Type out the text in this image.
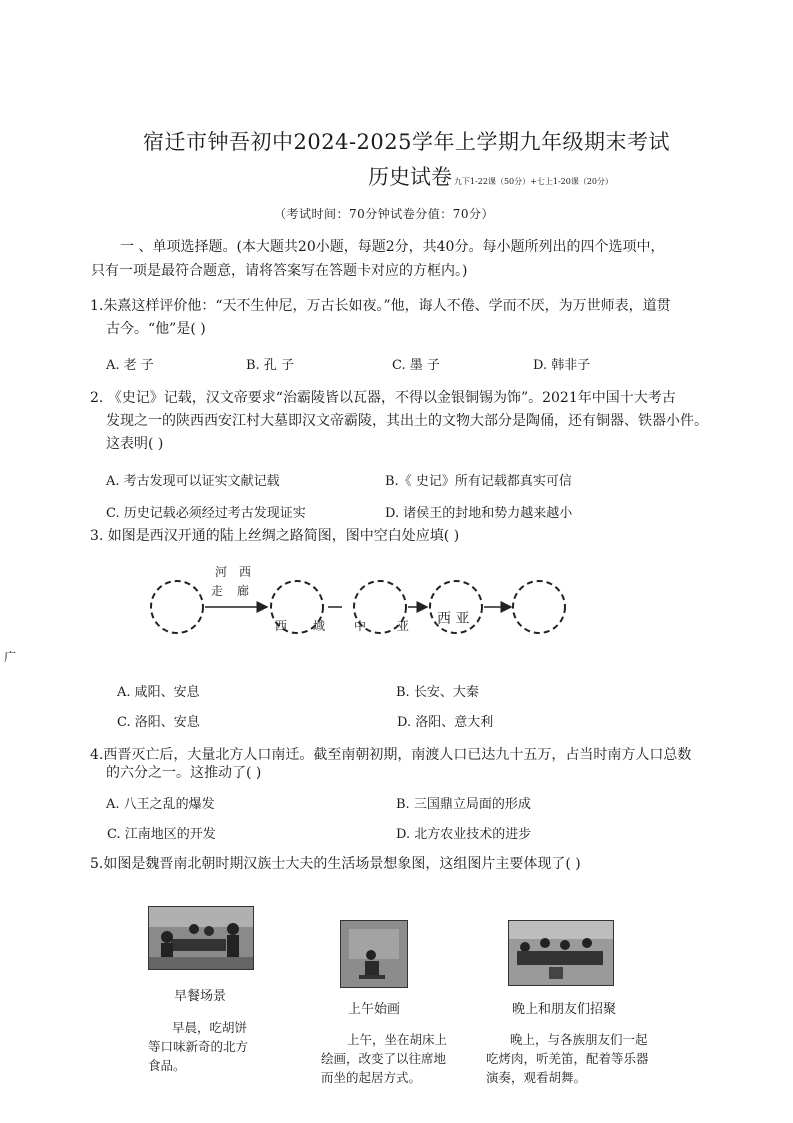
宿迁市钟吾初中2024-2025学年上学期九年级期末考试
历史试卷 九下1-22课（50分）+七上1-20课（20分）
（考试时间：70分钟试卷分值：70分）
一 、单项选择题。(本大题共20小题，每题2分，共40分。每小题所列出的四个选项中，
只有一项是最符合题意，请将答案写在答题卡对应的方框内。)
1.朱熹这样评价他：“天不生仲尼，万古长如夜。”他，诲人不倦、学而不厌，为万世师表，道贯
古今。“他”是( )
A. 老 子	B. 孔 子	C. 墨 子	D. 韩非子
2. 《史记》记载，汉文帝要求“治霸陵皆以瓦器，不得以金银铜锡为饰”。2021年中国十大考古
发现之一的陕西西安江村大墓即汉文帝霸陵，其出土的文物大部分是陶俑，还有铜器、铁器小件。
这表明( )
A. 考古发现可以证实文献记载	B.《 史记》所有记载都真实可信
C. 历史记载必须经过考古发现证实	D. 诸侯王的封地和势力越来越小
3. 如图是西汉开通的陆上丝绸之路简图，图中空白处应填( )
河 西
走 廊
西 域 中	亚 西 亚
广
A. 咸阳、安息	B. 长安、大秦
C. 洛阳、安息	D. 洛阳、意大利
4.西晋灭亡后，大量北方人口南迁。截至南朝初期，南渡人口已达九十五万，占当时南方人口总数
的六分之一。这推动了( )
A. 八王之乱的爆发	B. 三国鼎立局面的形成
C. 江南地区的开发	D. 北方农业技术的进步
5.如图是魏晋南北朝时期汉族士大夫的生活场景想象图，这组图片主要体现了( )
早餐场景
早晨，吃胡饼
等口味新奇的北方
食品。
上午始画
上午，坐在胡床上
绘画，改变了以往席地
而坐的起居方式。
晚上和朋友们招聚
晚上，与各族朋友们一起
吃烤肉，听羌笛，配着等乐器
演奏，观看胡舞。
